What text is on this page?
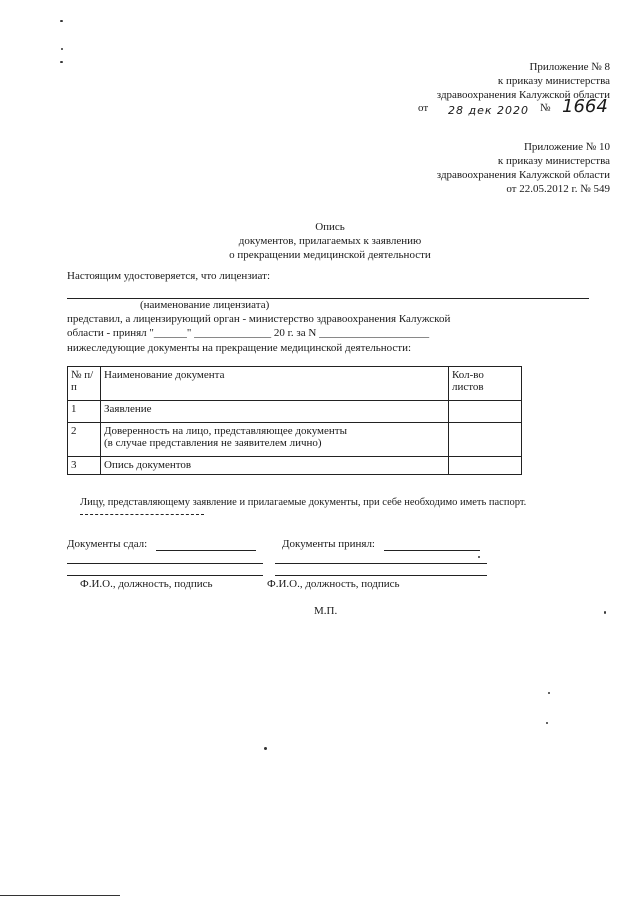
Приложение № 8
к приказу министерства
здравоохранения Калужской области
от 28 дек 2020 № 1664
Приложение № 10
к приказу министерства
здравоохранения Калужской области
от 22.05.2012 г. № 549
Опись
документов, прилагаемых к заявлению
о прекращении медицинской деятельности
Настоящим удостоверяется, что лицензиат:
(наименование лицензиата)
представил, а лицензирующий орган - министерство здравоохранения Калужской
области - принял "______" ______________ 20 г. за N ____________________
нижеследующие документы на прекращение медицинской деятельности:
№ п/п	Наименование документа	Кол-во листов
1	Заявление	
2	Доверенность на лицо, представляющее документы
(в случае представления не заявителем лично)	

3	Опись документов	
Лицу, представляющему заявление и прилагаемые документы, при себе необходимо иметь паспорт.
Документы сдал:	Документы принял:
Ф.И.О., должность, подпись	Ф.И.О., должность, подпись
М.П.
